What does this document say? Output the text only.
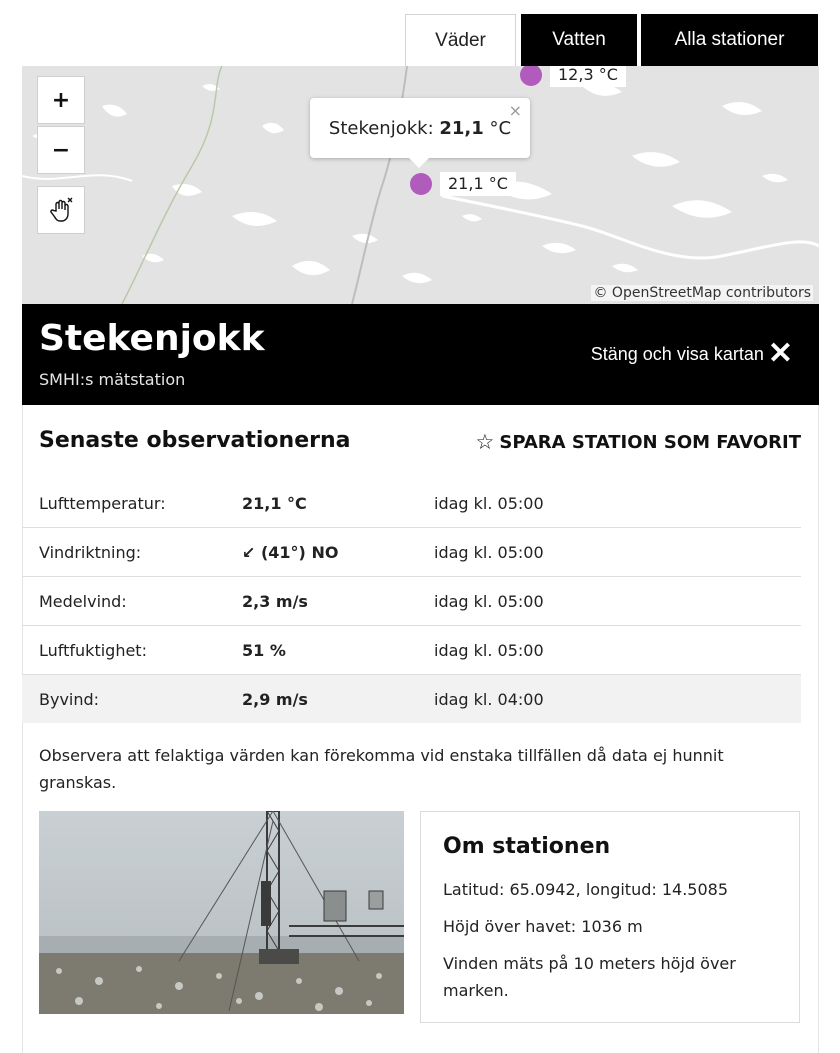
Väder	Vatten	Alla stationer
+
−
12,3 °C
Stekenjokk: 21,1 °C
×
21,1 °C
© OpenStreetMap contributors
Stekenjokk
SMHI:s mätstation
Stäng och visa kartan ✕
Senaste observationerna	☆ SPARA STATION SOM FAVORIT
Lufttemperatur:	21,1 °C	idag kl. 05:00
Vindriktning:	↙ (41°) NO	idag kl. 05:00
Medelvind:	2,3 m/s	idag kl. 05:00
Luftfuktighet:	51 %	idag kl. 05:00
Byvind:	2,9 m/s	idag kl. 04:00
Observera att felaktiga värden kan förekomma vid enstaka tillfällen då data ej hunnit granskas.
Om stationen
Latitud: 65.0942, longitud: 14.5085
Höjd över havet: 1036 m
Vinden mäts på 10 meters höjd över marken.
